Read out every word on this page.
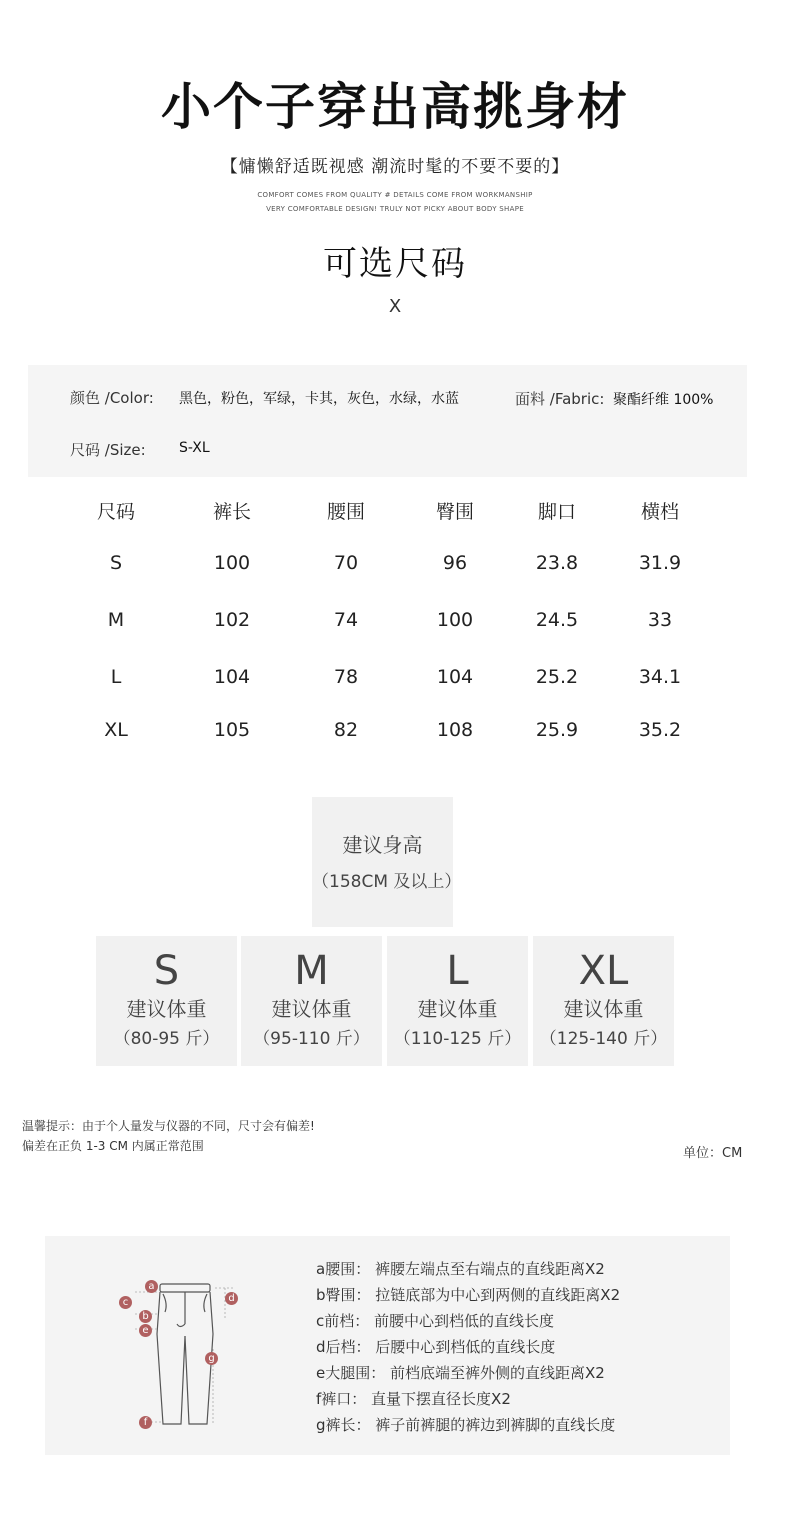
小个子穿出高挑身材
【慵懒舒适既视感 潮流时髦的不要不要的】
COMFORT COMES FROM QUALITY # DETAILS COME FROM WORKMANSHIP
VERY COMFORTABLE DESIGN! TRULY NOT PICKY ABOUT BODY SHAPE
可选尺码
X
颜色 /Color: 黑色，粉色，军绿，卡其，灰色，水绿，水蓝	面料 /Fabric: 聚酯纤维 100%
尺码 /Size: S-XL
尺码	裤长	腰围	臀围	脚口	横档
S	100	70	96	23.8	31.9
M	102	74	100	24.5	33
L	104	78	104	25.2	34.1
XL	105	82	108	25.9	35.2
建议身高
（158CM 及以上）
S
建议体重
（80-95 斤）
M
建议体重
（95-110 斤）
L
建议体重
（110-125 斤）
XL
建议体重
（125-140 斤）
温馨提示：由于个人量发与仪器的不同，尺寸会有偏差!
偏差在正负 1-3 CM 内属正常范围	单位：CM
a
b
c	d
e
f
g
a腰围： 裤腰左端点至右端点的直线距离X2
b臀围： 拉链底部为中心到两侧的直线距离X2
c前档： 前腰中心到档低的直线长度
d后档： 后腰中心到档低的直线长度
e大腿围： 前档底端至裤外侧的直线距离X2
f裤口： 直量下摆直径长度X2
g裤长： 裤子前裤腿的裤边到裤脚的直线长度
